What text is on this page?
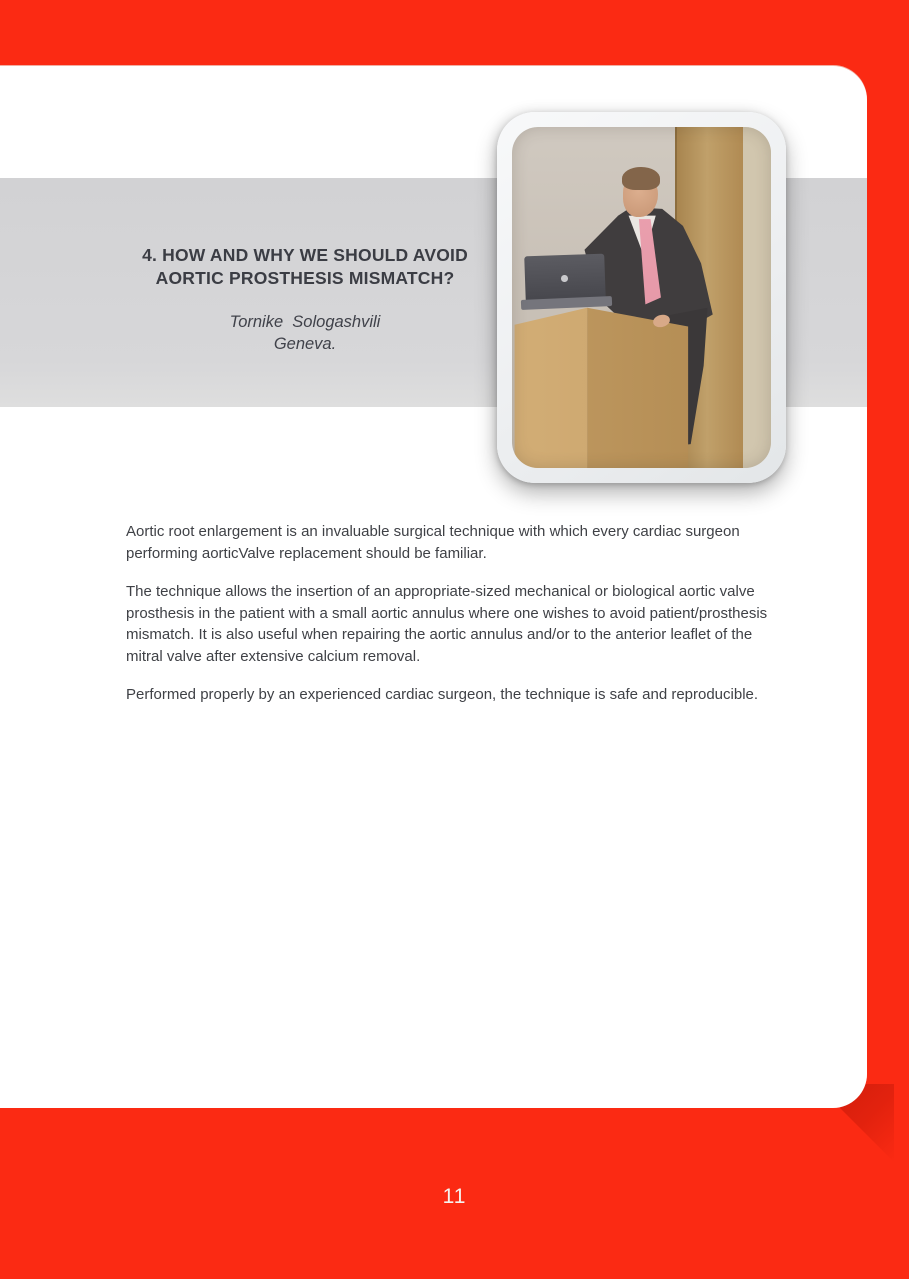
4. HOW AND WHY WE SHOULD AVOID
AORTIC PROSTHESIS MISMATCH?
Tornike  Sologashvili
Geneva.

Aortic root enlargement is an invaluable surgical technique with which every cardiac surgeon performing aorticValve replacement should be familiar.

The technique allows the insertion of an appropriate-sized mechanical or biological aortic valve prosthesis in the patient with a small aortic annulus where one wishes to avoid patient/prosthesis mismatch. It is also useful when repairing the aortic annulus and/or to the anterior leaflet of the mitral valve after extensive calcium removal.

Performed properly by an experienced cardiac surgeon, the technique is safe and reproducible.

11
